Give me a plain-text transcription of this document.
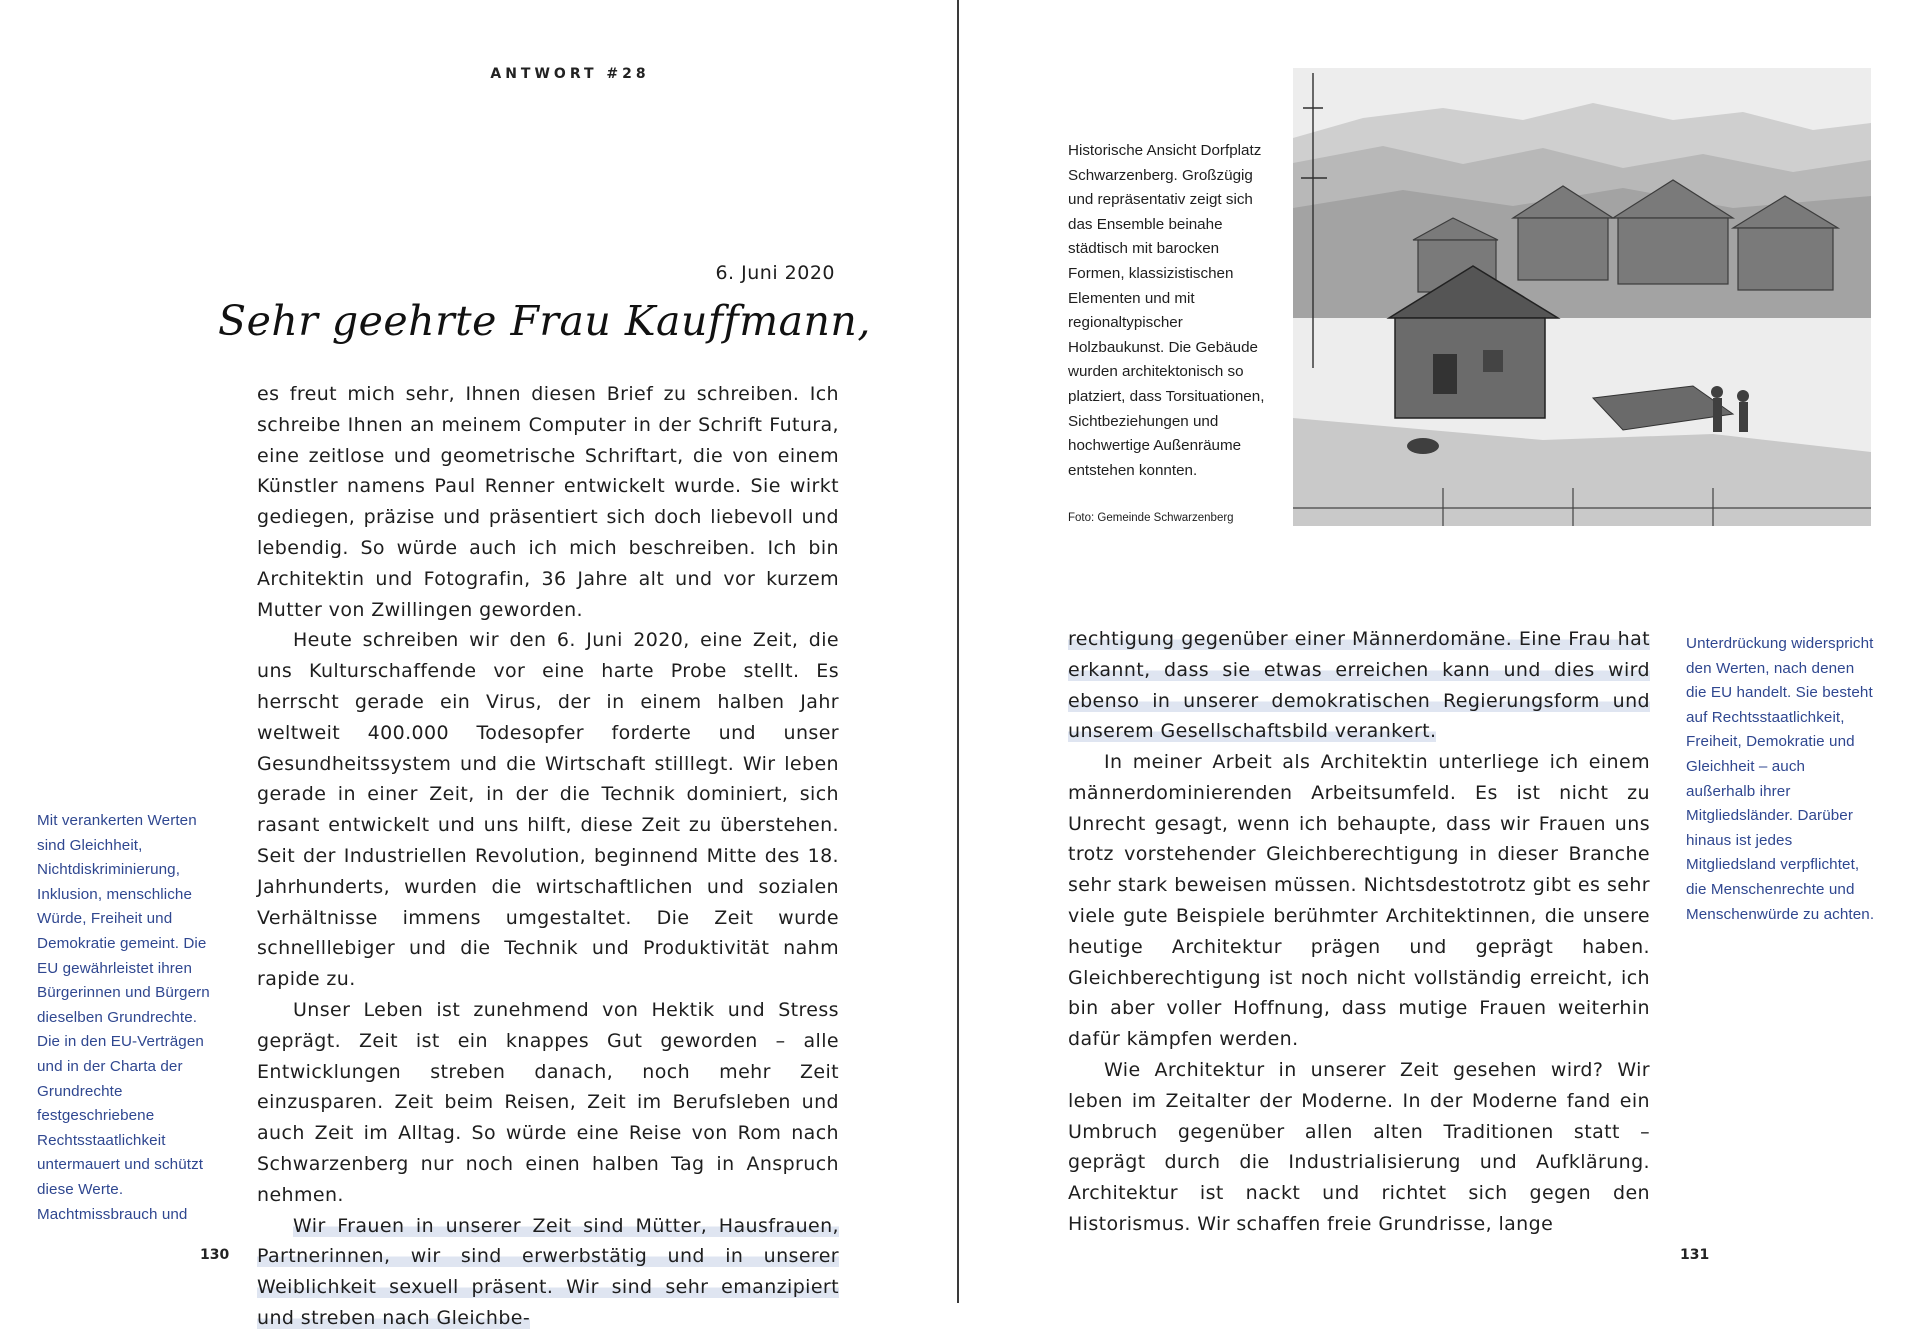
ANTWORT #28
6. Juni 2020
Sehr geehrte Frau Kauffmann,

es freut mich sehr, Ihnen diesen Brief zu schreiben. Ich schreibe Ihnen an meinem Computer in der Schrift Futura, eine zeitlose und geometrische Schriftart, die von einem Künstler namens Paul Renner entwickelt wurde. Sie wirkt gediegen, präzise und präsentiert sich doch liebevoll und lebendig. So würde auch ich mich beschreiben. Ich bin Architektin und Fotografin, 36 Jahre alt und vor kurzem Mutter von Zwillingen geworden.

Heute schreiben wir den 6. Juni 2020, eine Zeit, die uns Kulturschaffende vor eine harte Probe stellt. Es herrscht gerade ein Virus, der in einem halben Jahr weltweit 400.000 Todesopfer forderte und unser Gesundheitssystem und die Wirtschaft stilllegt. Wir leben gerade in einer Zeit, in der die Technik dominiert, sich rasant entwickelt und uns hilft, diese Zeit zu überstehen. Seit der Industriellen Revolution, beginnend Mitte des 18. Jahrhunderts, wurden die wirtschaftlichen und sozialen Verhältnisse immens umgestaltet. Die Zeit wurde schnelllebiger und die Technik und Produktivität nahm rapide zu.

Unser Leben ist zunehmend von Hektik und Stress geprägt. Zeit ist ein knappes Gut geworden – alle Entwicklungen streben danach, noch mehr Zeit einzusparen. Zeit beim Reisen, Zeit im Berufsleben und auch Zeit im Alltag. So würde eine Reise von Rom nach Schwarzenberg nur noch einen halben Tag in Anspruch nehmen.

Wir Frauen in unserer Zeit sind Mütter, Hausfrauen, Partnerinnen, wir sind erwerbstätig und in unserer Weiblichkeit sexuell präsent. Wir sind sehr emanzipiert und streben nach Gleichbe-

Mit verankerten Werten sind Gleichheit, Nichtdiskriminierung, Inklusion, menschliche Würde, Freiheit und Demokratie gemeint. Die EU gewährleistet ihren Bürgerinnen und Bürgern dieselben Grundrechte. Die in den EU-Verträgen und in der Charta der Grundrechte festgeschriebene Rechtsstaatlichkeit untermauert und schützt diese Werte. Machtmissbrauch und
130
Historische Ansicht Dorfplatz Schwarzenberg. Großzügig und repräsentativ zeigt sich das Ensemble beinahe städtisch mit barocken Formen, klassizistischen Elementen und mit regionaltypischer Holzbaukunst. Die Gebäude wurden architektonisch so platziert, dass Torsituationen, Sichtbeziehungen und hochwertige Außenräume entstehen konnten.
Foto: Gemeinde Schwarzenberg

rechtigung gegenüber einer Männerdomäne. Eine Frau hat erkannt, dass sie etwas erreichen kann und dies wird ebenso in unserer demokratischen Regierungsform und unserem Gesellschaftsbild verankert.

In meiner Arbeit als Architektin unterliege ich einem männerdominierenden Arbeitsumfeld. Es ist nicht zu Unrecht gesagt, wenn ich behaupte, dass wir Frauen uns trotz vorstehender Gleichberechtigung in dieser Branche sehr stark beweisen müssen. Nichtsdestotrotz gibt es sehr viele gute Beispiele berühmter Architektinnen, die unsere heutige Architektur prägen und geprägt haben. Gleichberechtigung ist noch nicht vollständig erreicht, ich bin aber voller Hoffnung, dass mutige Frauen weiterhin dafür kämpfen werden.

Wie Architektur in unserer Zeit gesehen wird? Wir leben im Zeitalter der Moderne. In der Moderne fand ein Umbruch gegenüber allen alten Traditionen statt – geprägt durch die Industrialisierung und Aufklärung. Architektur ist nackt und richtet sich gegen den Historismus. Wir schaffen freie Grundrisse, lange

Unterdrückung widerspricht den Werten, nach denen die EU handelt. Sie besteht auf Rechtsstaatlichkeit, Freiheit, Demokratie und Gleichheit – auch außerhalb ihrer Mitgliedsländer. Darüber hinaus ist jedes Mitgliedsland verpflichtet, die Menschenrechte und Menschenwürde zu achten.
131
